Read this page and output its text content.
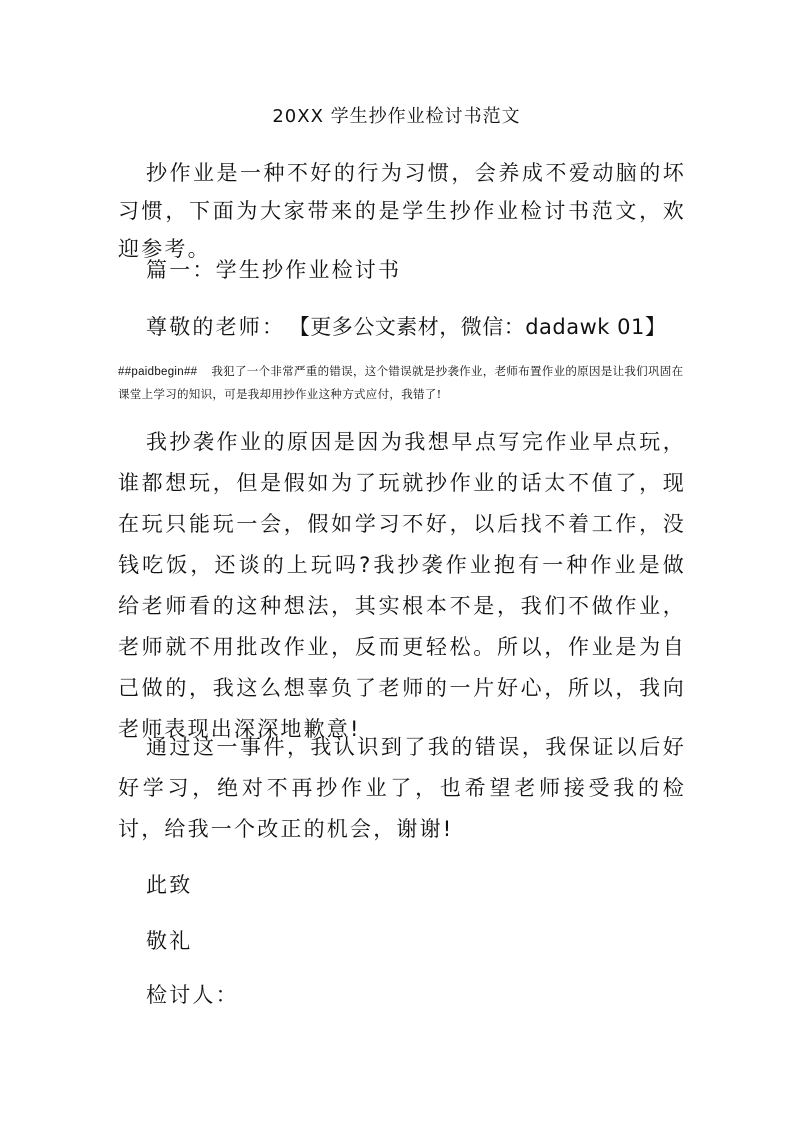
20XX 学生抄作业检讨书范文

抄作业是一种不好的行为习惯，会养成不爱动脑的坏习惯，下面为大家带来的是学生抄作业检讨书范文，欢迎参考。

篇一：学生抄作业检讨书

尊敬的老师： 【更多公文素材，微信：dadawk 01】

##paidbegin## 我犯了一个非常严重的错误，这个错误就是抄袭作业，老师布置作业的原因是让我们巩固在课堂上学习的知识，可是我却用抄作业这种方式应付，我错了!

我抄袭作业的原因是因为我想早点写完作业早点玩，谁都想玩，但是假如为了玩就抄作业的话太不值了，现在玩只能玩一会，假如学习不好，以后找不着工作，没钱吃饭，还谈的上玩吗?我抄袭作业抱有一种作业是做给老师看的这种想法，其实根本不是，我们不做作业，老师就不用批改作业，反而更轻松。所以，作业是为自己做的，我这么想辜负了老师的一片好心，所以，我向老师表现出深深地歉意!

通过这一事件，我认识到了我的错误，我保证以后好好学习，绝对不再抄作业了，也希望老师接受我的检讨，给我一个改正的机会，谢谢!

此致

敬礼

检讨人：
